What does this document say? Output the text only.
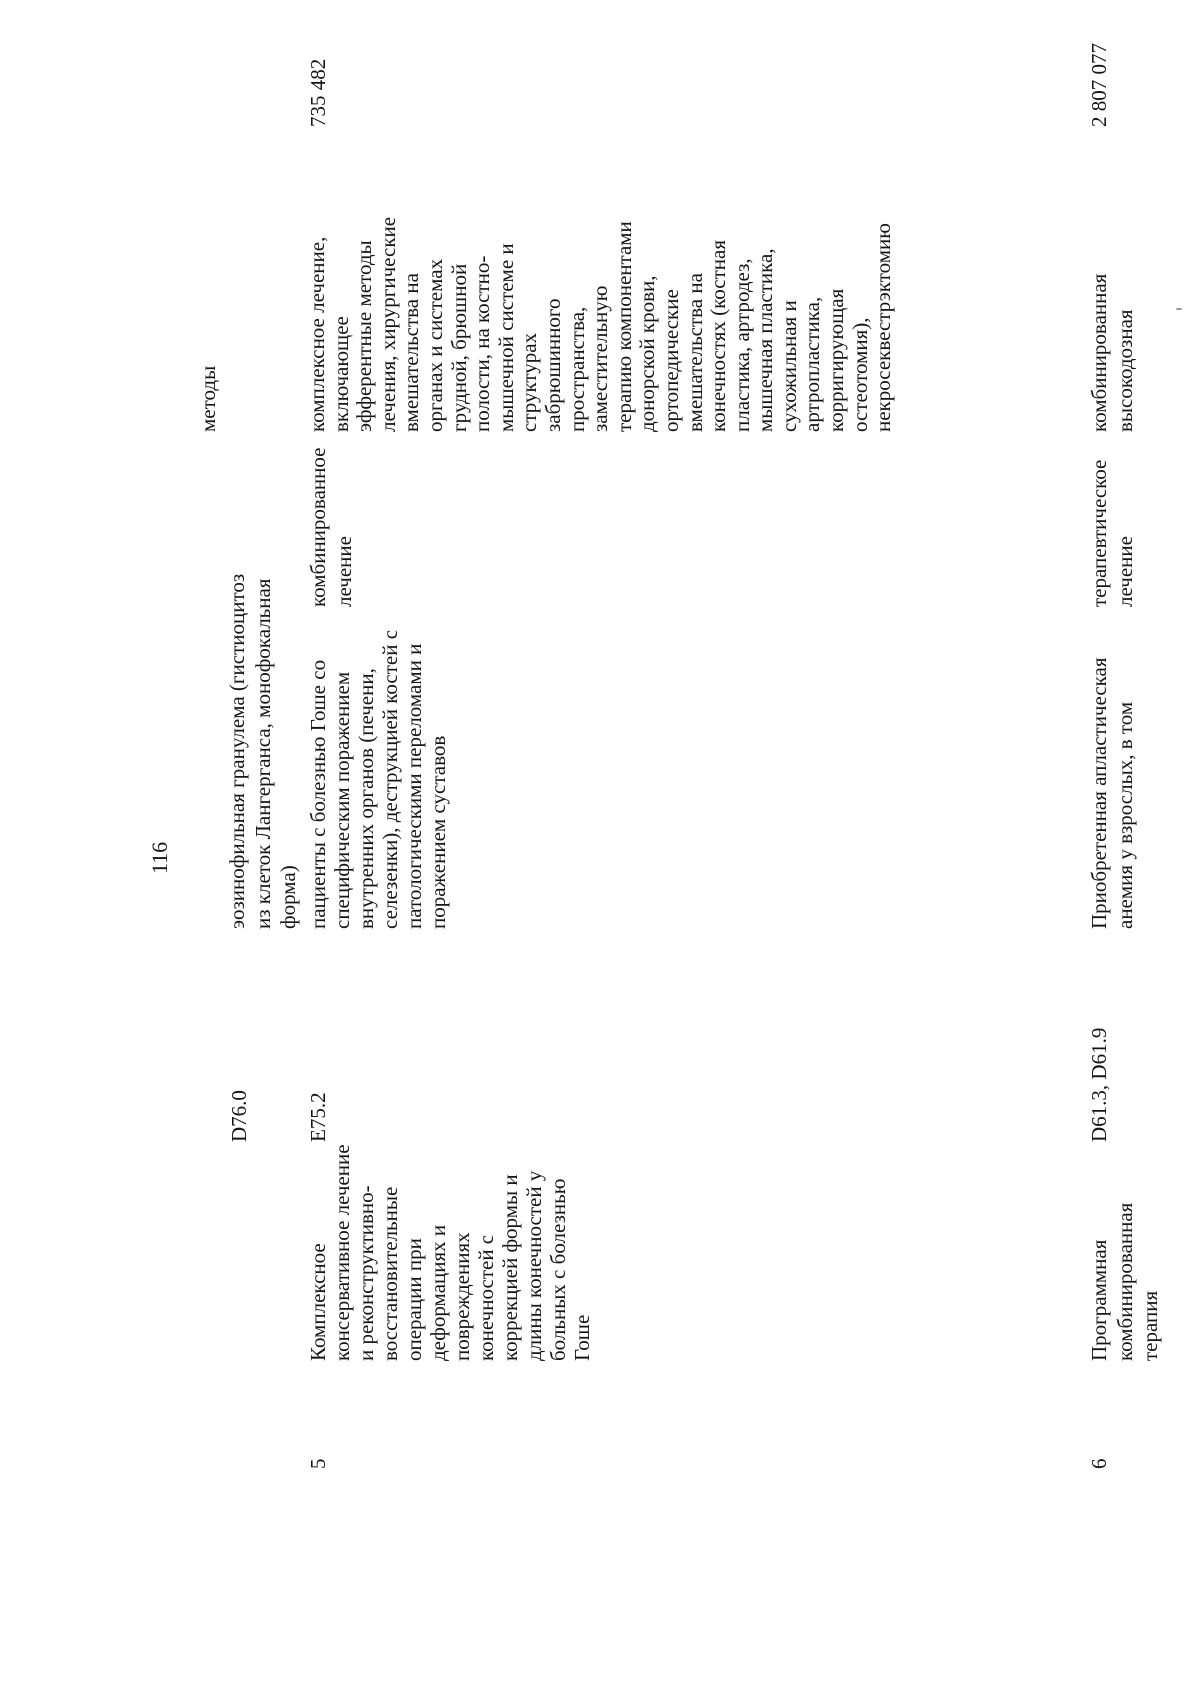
116
D76.0
эозинофильная гранулема (гистиоцитоз из клеток Лангерганса, монофокальная форма)
методы
5
Комплексное консервативное лечение и реконструктивно-восстановительные операции при деформациях и повреждениях конечностей с коррекцией формы и длины конечностей у больных с болезнью Гоше
E75.2
пациенты с болезнью Гоше со специфическим поражением внутренних органов (печени, селезенки), деструкцией костей с патологическими переломами и поражением суставов
комбинированное лечение
комплексное лечение, включающее эфферентные методы лечения, хирургические вмешательства на органах и системах грудной, брюшной полости, на костно-мышечной системе и структурах забрюшинного пространства, заместительную терапию компонентами донорской крови, ортопедические вмешательства на конечностях (костная пластика, артродез, мышечная пластика, сухожильная и артропластика, корригирующая остеотомия), некросеквестрэктомию
735 482
6
Программная комбинированная терапия
D61.3, D61.9
Приобретенная апластическая анемия у взрослых, в том
терапевтическое лечение
комбинированная высокодозная
2 807 077
